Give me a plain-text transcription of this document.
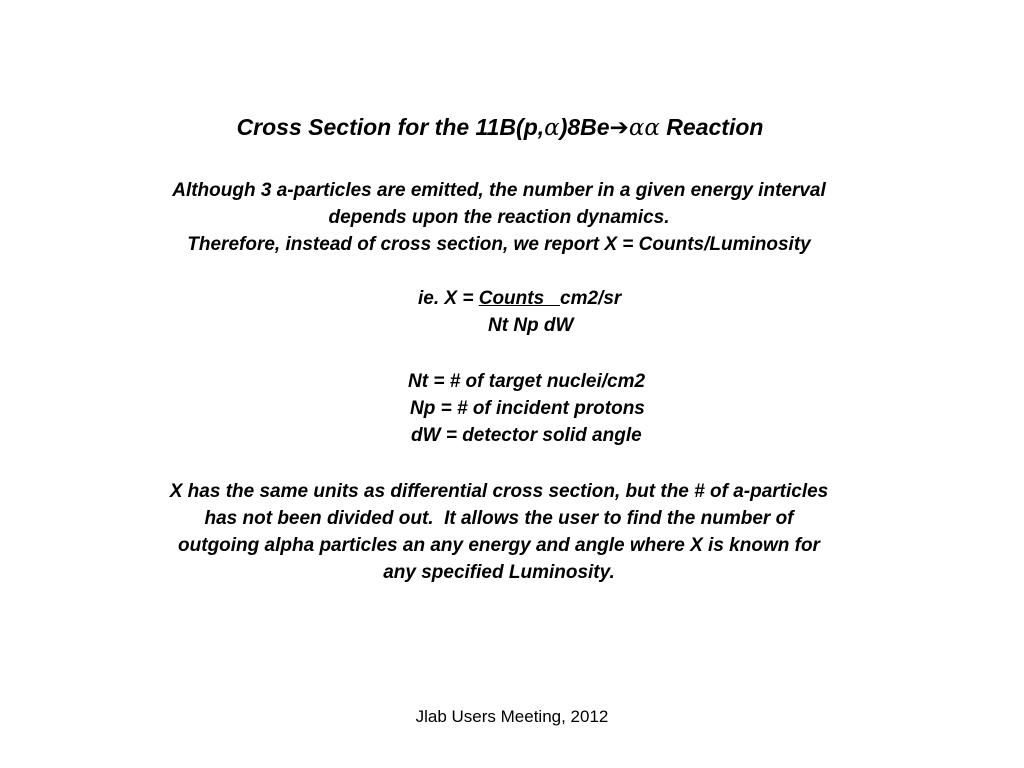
Cross Section for the 11B(p,α)8Be➔αα Reaction
Although 3 a-particles are emitted, the number in a given energy interval
depends upon the reaction dynamics.
Therefore, instead of cross section, we report X = Counts/Luminosity
ie. X = Counts   cm2/sr
Nt Np dW
Nt = # of target nuclei/cm2
Np = # of incident protons
dW = detector solid angle
X has the same units as differential cross section, but the # of a-particles
has not been divided out.  It allows the user to find the number of
outgoing alpha particles an any energy and angle where X is known for
any specified Luminosity.
Jlab Users Meeting, 2012
